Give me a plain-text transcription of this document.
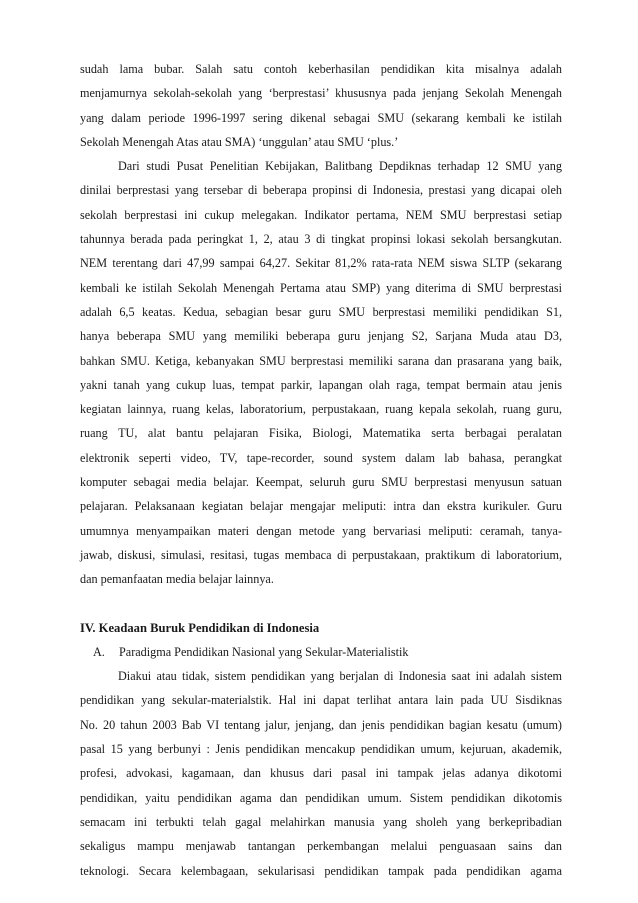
sudah lama bubar. Salah satu contoh keberhasilan pendidikan kita misalnya adalah
menjamurnya sekolah-sekolah yang ‘berprestasi’ khususnya pada jenjang Sekolah Menengah
yang dalam periode 1996-1997 sering dikenal sebagai SMU (sekarang kembali ke istilah
Sekolah Menengah Atas atau SMA) ‘unggulan’ atau SMU ‘plus.’
Dari studi Pusat Penelitian Kebijakan, Balitbang Depdiknas terhadap 12 SMU yang
dinilai berprestasi yang tersebar di beberapa propinsi di Indonesia, prestasi yang dicapai oleh
sekolah berprestasi ini cukup melegakan. Indikator pertama, NEM SMU berprestasi setiap
tahunnya berada pada peringkat 1, 2, atau 3 di tingkat propinsi lokasi sekolah bersangkutan.
NEM terentang dari 47,99 sampai 64,27. Sekitar 81,2% rata-rata NEM siswa SLTP (sekarang
kembali ke istilah Sekolah Menengah Pertama atau SMP) yang diterima di SMU berprestasi
adalah 6,5 keatas. Kedua, sebagian besar guru SMU berprestasi memiliki pendidikan S1,
hanya beberapa SMU yang memiliki beberapa guru jenjang S2, Sarjana Muda atau D3,
bahkan SMU. Ketiga, kebanyakan SMU berprestasi memiliki sarana dan prasarana yang baik,
yakni tanah yang cukup luas, tempat parkir, lapangan olah raga, tempat bermain atau jenis
kegiatan lainnya, ruang kelas, laboratorium, perpustakaan, ruang kepala sekolah, ruang guru,
ruang TU, alat bantu pelajaran Fisika, Biologi, Matematika serta berbagai peralatan
elektronik seperti video, TV, tape-recorder, sound system dalam lab bahasa, perangkat
komputer sebagai media belajar. Keempat, seluruh guru SMU berprestasi menyusun satuan
pelajaran. Pelaksanaan kegiatan belajar mengajar meliputi: intra dan ekstra kurikuler. Guru
umumnya menyampaikan materi dengan metode yang bervariasi meliputi: ceramah, tanya-
jawab, diskusi, simulasi, resitasi, tugas membaca di perpustakaan, praktikum di laboratorium,
dan pemanfaatan media belajar lainnya.
IV. Keadaan Buruk Pendidikan di Indonesia
A. Paradigma Pendidikan Nasional yang Sekular-Materialistik
Diakui atau tidak, sistem pendidikan yang berjalan di Indonesia saat ini adalah sistem
pendidikan yang sekular-materialstik. Hal ini dapat terlihat antara lain pada UU Sisdiknas
No. 20 tahun 2003 Bab VI tentang jalur, jenjang, dan jenis pendidikan bagian kesatu (umum)
pasal 15 yang berbunyi : Jenis pendidikan mencakup pendidikan umum, kejuruan, akademik,
profesi, advokasi, kagamaan, dan khusus dari pasal ini tampak jelas adanya dikotomi
pendidikan, yaitu pendidikan agama dan pendidikan umum. Sistem pendidikan dikotomis
semacam ini terbukti telah gagal melahirkan manusia yang sholeh yang berkepribadian
sekaligus mampu menjawab tantangan perkembangan melalui penguasaan sains dan
teknologi. Secara kelembagaan, sekularisasi pendidikan tampak pada pendidikan agama
